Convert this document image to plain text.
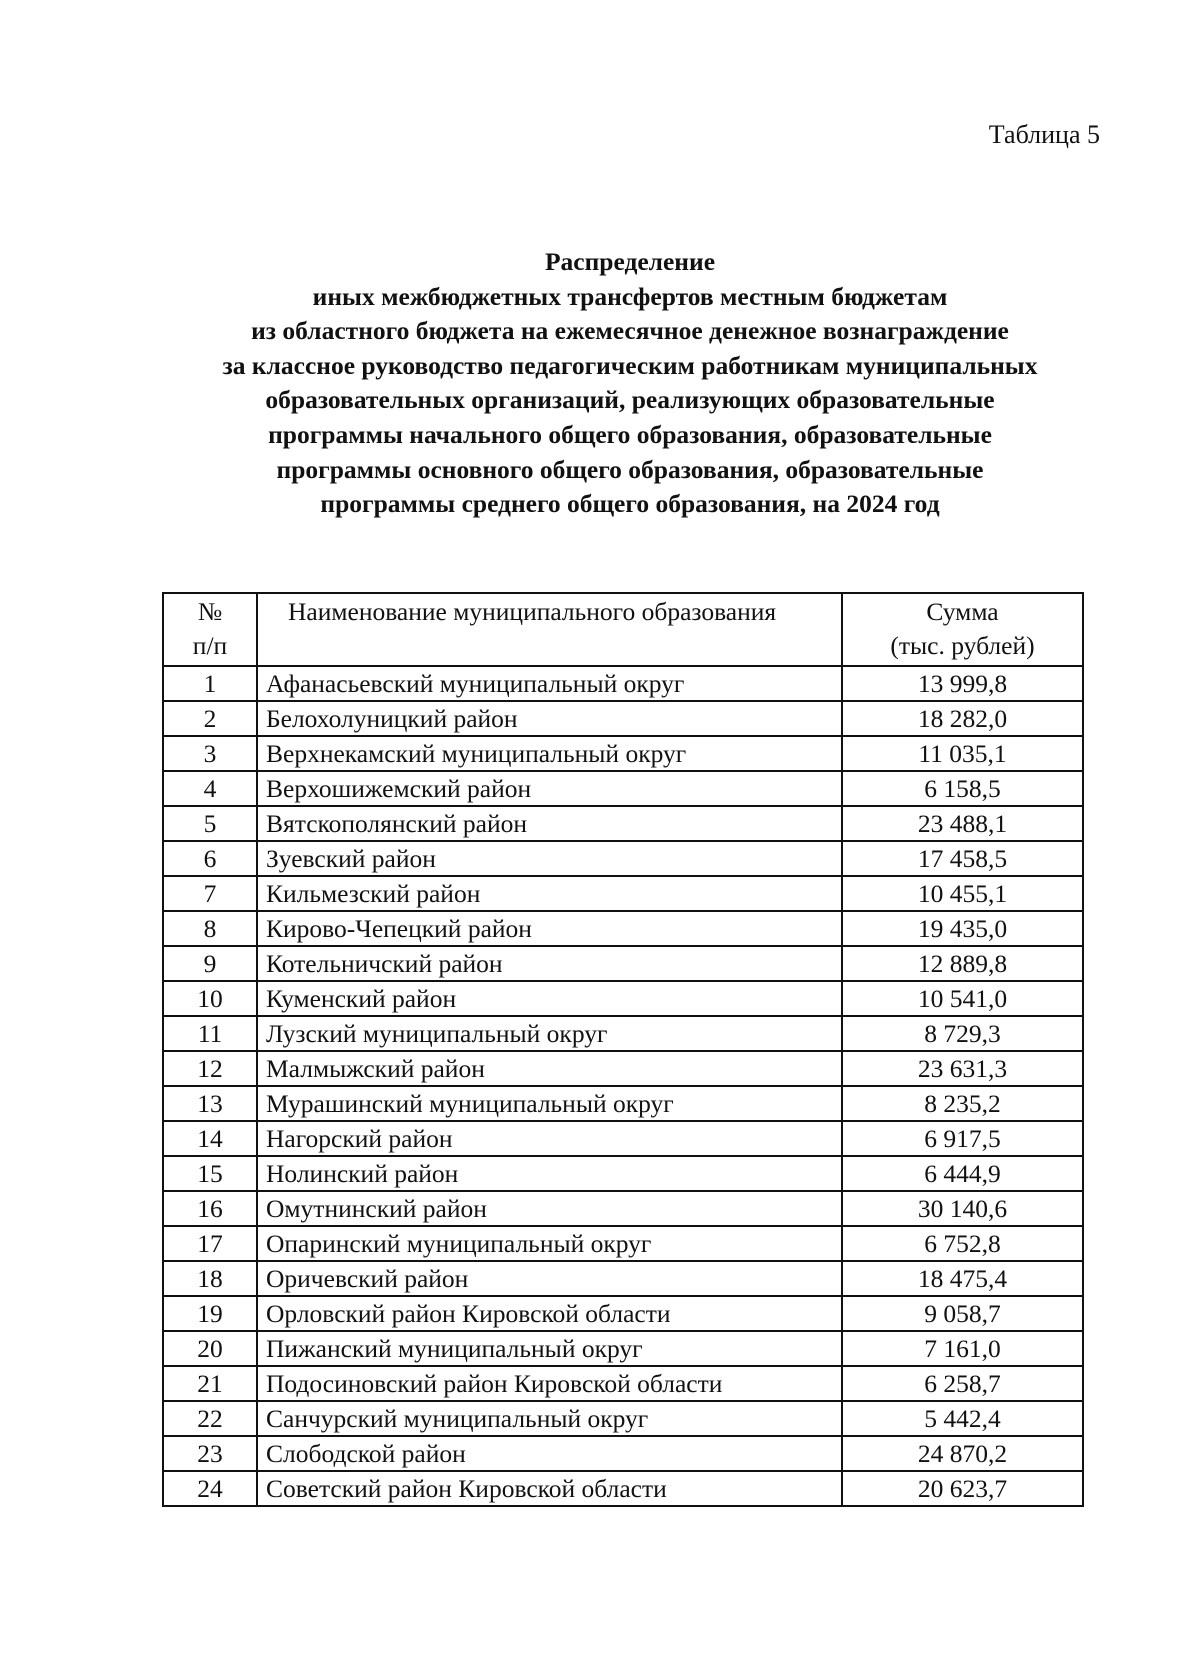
Таблица 5
Распределение
иных межбюджетных трансфертов местным бюджетам
из областного бюджета на ежемесячное денежное вознаграждение
за классное руководство педагогическим работникам муниципальных
образовательных организаций, реализующих образовательные
программы начального общего образования, образовательные
программы основного общего образования, образовательные
программы среднего общего образования, на 2024 год
№
п/п	Наименование муниципального образования	Сумма
(тыс. рублей)

1	Афанасьевский муниципальный округ	13 999,8
2	Белохолуницкий район	18 282,0
3	Верхнекамский муниципальный округ	11 035,1
4	Верхошижемский район	6 158,5
5	Вятскополянский район	23 488,1
6	Зуевский район	17 458,5
7	Кильмезский район	10 455,1
8	Кирово-Чепецкий район	19 435,0
9	Котельничский район	12 889,8
10	Куменский район	10 541,0
11	Лузский муниципальный округ	8 729,3
12	Малмыжский район	23 631,3
13	Мурашинский муниципальный округ	8 235,2
14	Нагорский район	6 917,5
15	Нолинский район	6 444,9
16	Омутнинский район	30 140,6
17	Опаринский муниципальный округ	6 752,8
18	Оричевский район	18 475,4
19	Орловский район Кировской области	9 058,7
20	Пижанский муниципальный округ	7 161,0
21	Подосиновский район Кировской области	6 258,7
22	Санчурский муниципальный округ	5 442,4
23	Слободской район	24 870,2
24	Советский район Кировской области	20 623,7
